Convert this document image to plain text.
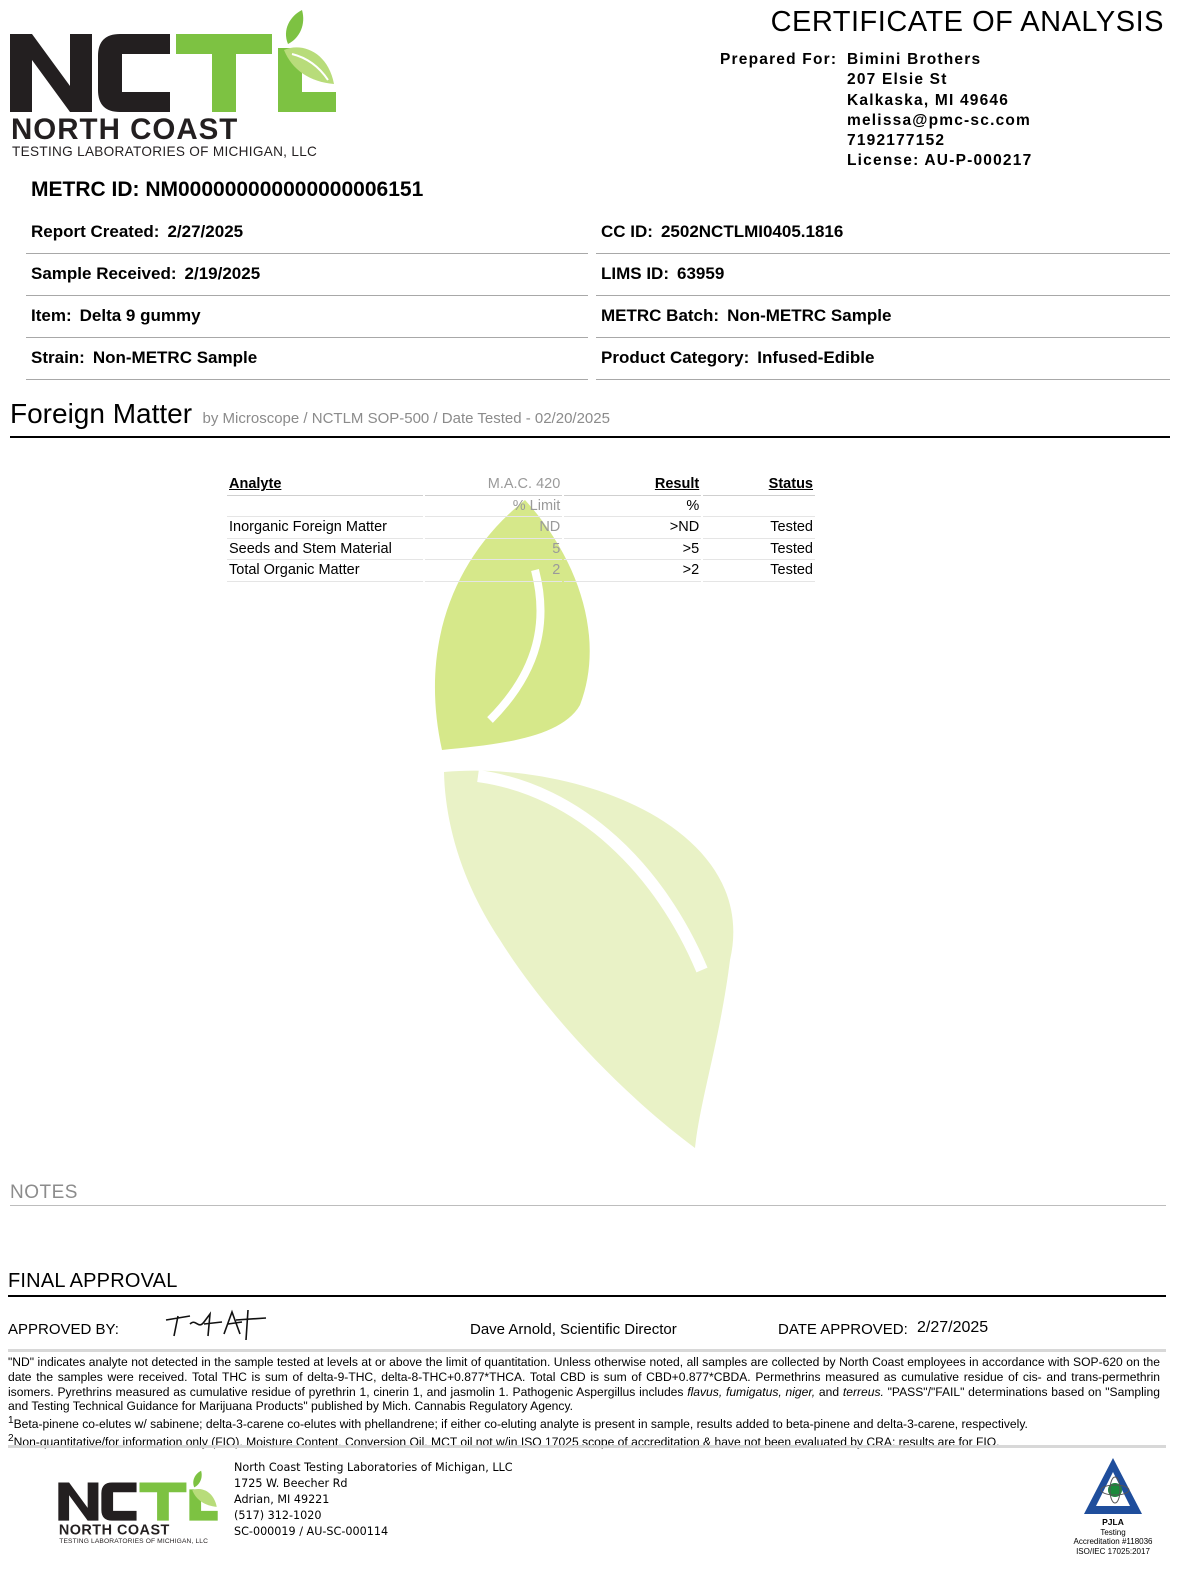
NORTH COAST
TESTING LABORATORIES OF MICHIGAN, LLC
CERTIFICATE OF ANALYSIS
Prepared For: Bimini Brothers
207 Elsie St
Kalkaska, MI 49646
melissa@pmc-sc.com
7192177152
License: AU-P-000217
METRC ID: NM000000000000000006151
Report Created: 2/27/2025	CC ID: 2502NCTLMI0405.1816
Sample Received: 2/19/2025	LIMS ID: 63959
Item: Delta 9 gummy	METRC Batch: Non-METRC Sample
Strain: Non-METRC Sample	Product Category: Infused-Edible
Foreign Matter by Microscope / NCTLM SOP-500 / Date Tested - 02/20/2025
Analyte	M.A.C. 420	Result	Status
	% Limit	%	
Inorganic Foreign Matter	ND	>ND	Tested
Seeds and Stem Material	5	>5	Tested
Total Organic Matter	2	>2	Tested
NOTES
FINAL APPROVAL
APPROVED BY:	Dave Arnold, Scientific Director	DATE APPROVED: 2/27/2025

"ND" indicates analyte not detected in the sample tested at levels at or above the limit of quantitation. Unless otherwise noted, all samples are collected by North Coast employees in accordance with SOP-620 on the date the samples were received. Total THC is sum of delta-9-THC, delta-8-THC+0.877*THCA. Total CBD is sum of CBD+0.877*CBDA. Permethrins measured as cumulative residue of cis- and trans-permethrin isomers. Pyrethrins measured as cumulative residue of pyrethrin 1, cinerin 1, and jasmolin 1. Pathogenic Aspergillus includes flavus, fumigatus, niger, and terreus. "PASS"/"FAIL" determinations based on "Sampling and Testing Technical Guidance for Marijuana Products" published by Mich. Cannabis Regulatory Agency.

$^1$Beta-pinene co-elutes w/ sabinene; delta-3-carene co-elutes with phellandrene; if either co-eluting analyte is present in sample, results added to beta-pinene and delta-3-carene, respectively.

$^2$Non-quantitative/for information only (FIO). Moisture Content, Conversion Oil, MCT oil not w/in ISO 17025 scope of accreditation & have not been evaluated by CRA; results are for FIO.

NORTH COAST
TESTING LABORATORIES OF MICHIGAN, LLC
North Coast Testing Laboratories of Michigan, LLC
1725 W. Beecher Rd
Adrian, MI 49221
(517) 312-1020
SC-000019 / AU-SC-000114
PJLA
Testing
Accreditation #118036
ISO/IEC 17025:2017
